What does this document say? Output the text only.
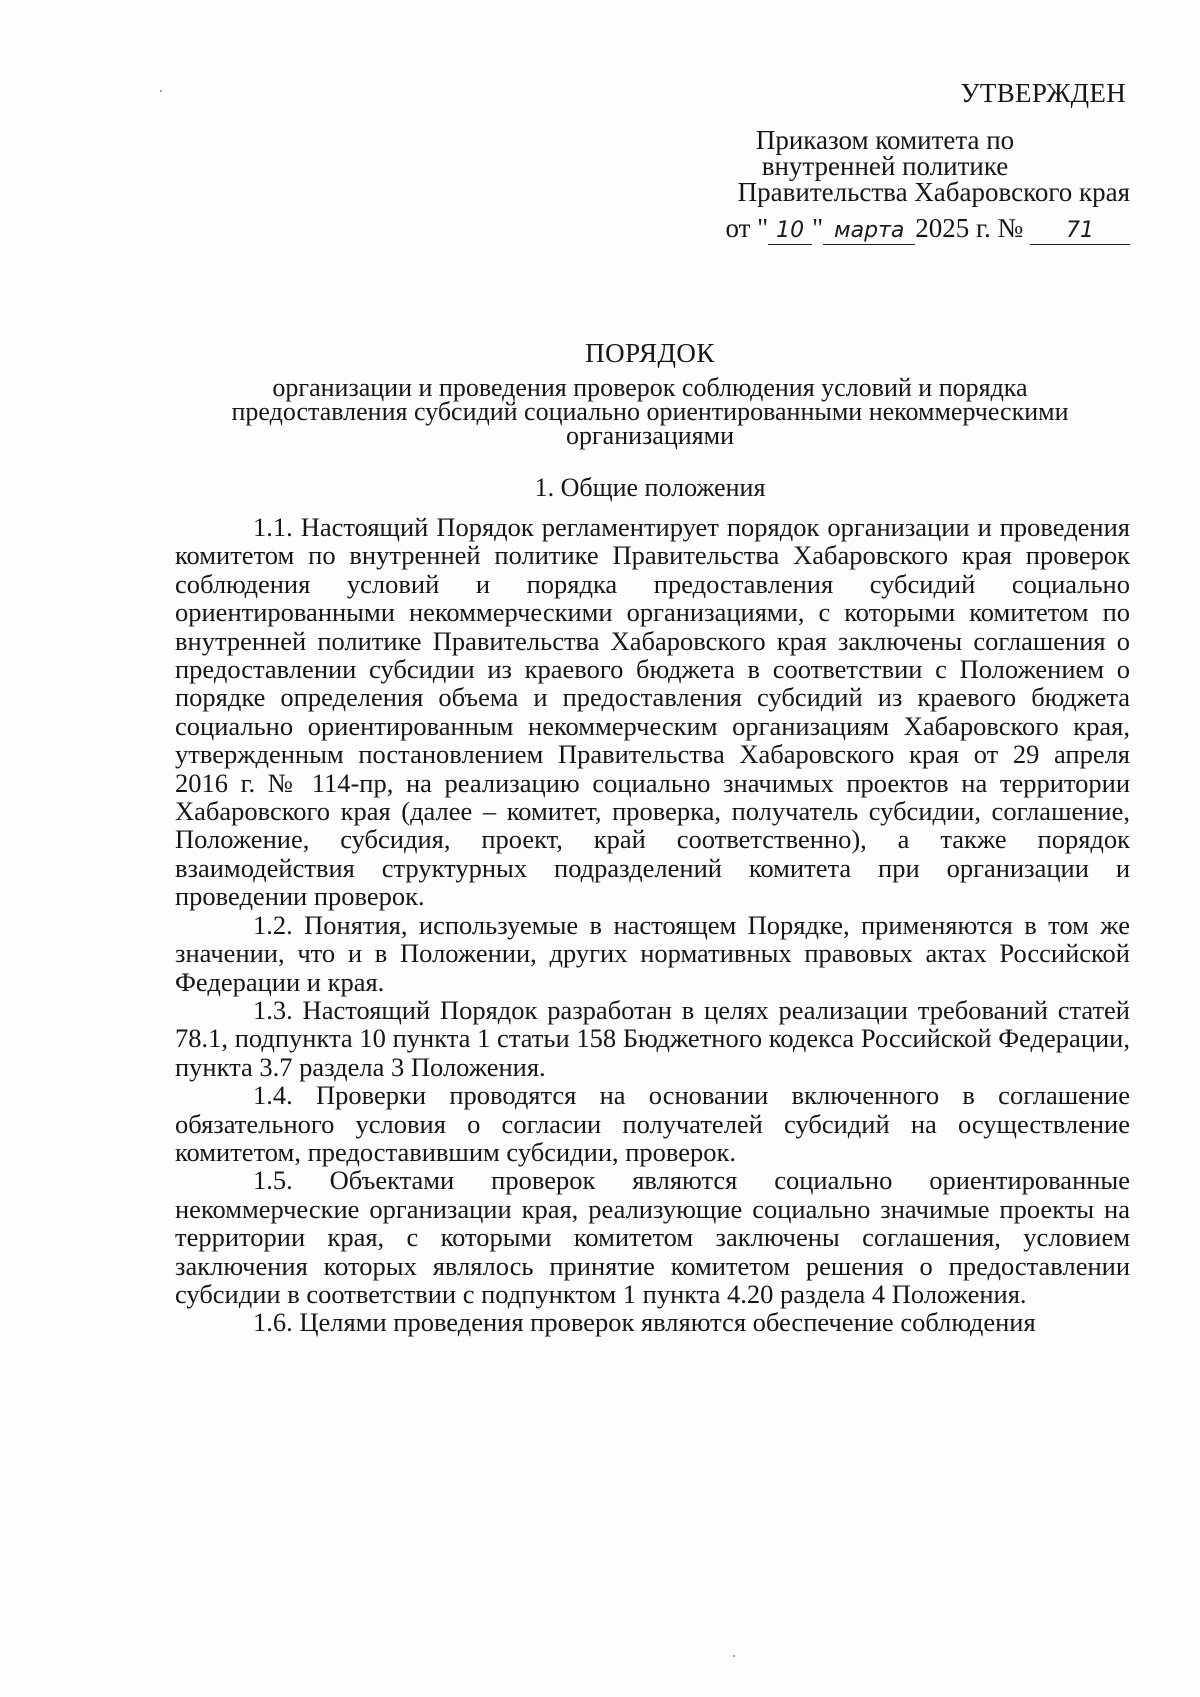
УТВЕРЖДЕН
Приказом комитета по
внутренней политике
Правительства Хабаровского края
от " 10 " марта 2025 г. № 71
ПОРЯДОК
организации и проведения проверок соблюдения условий и порядка предоставления субсидий социально ориентированными некоммерческими организациями
1. Общие положения

1.1. Настоящий Порядок регламентирует порядок организации и проведения комитетом по внутренней политике Правительства Хабаровского края проверок соблюдения условий и порядка предоставления субсидий социально ориентированными некоммерческими организациями, с которыми комитетом по внутренней политике Правительства Хабаровского края заключены соглашения о предоставлении субсидии из краевого бюджета в соответствии с Положением о порядке определения объема и предоставления субсидий из краевого бюджета социально ориентированным некоммерческим организациям Хабаровского края, утвержденным постановлением Правительства Хабаровского края от 29 апреля 2016 г. № 114-пр, на реализацию социально значимых проектов на территории Хабаровского края (далее – комитет, проверка, получатель субсидии, соглашение, Положение, субсидия, проект, край соответственно), а также порядок взаимодействия структурных подразделений комитета при организации и проведении проверок.

1.2. Понятия, используемые в настоящем Порядке, применяются в том же значении, что и в Положении, других нормативных правовых актах Российской Федерации и края.

1.3. Настоящий Порядок разработан в целях реализации требований статей 78.1, подпункта 10 пункта 1 статьи 158 Бюджетного кодекса Российской Федерации, пункта 3.7 раздела 3 Положения.

1.4. Проверки проводятся на основании включенного в соглашение обязательного условия о согласии получателей субсидий на осуществление комитетом, предоставившим субсидии, проверок.

1.5. Объектами проверок являются социально ориентированные некоммерческие организации края, реализующие социально значимые проекты на территории края, с которыми комитетом заключены соглашения, условием заключения которых являлось принятие комитетом решения о предоставлении субсидии в соответствии с подпунктом 1 пункта 4.20 раздела 4 Положения.

1.6. Целями проведения проверок являются обеспечение соблюдения
